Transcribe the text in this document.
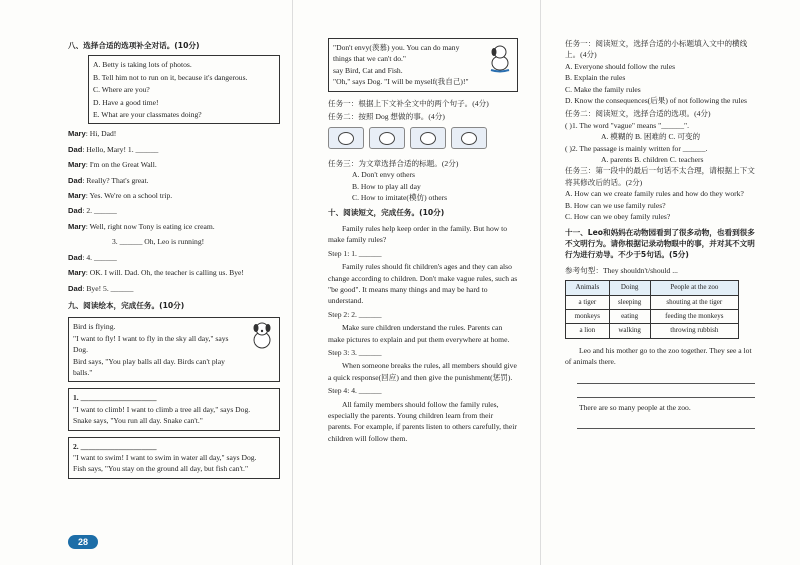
八、选择合适的选项补全对话。(10分)
A. Betty is taking lots of photos.
B. Tell him not to run on it, because it's dangerous.
C. Where are you?
D. Have a good time!
E. What are your classmates doing?
Mary: Hi, Dad!
Dad: Hello, Mary! 1. ______
Mary: I'm on the Great Wall.
Dad: Really? That's great.
Mary: Yes. We're on a school trip.
Dad: 2. ______
Mary: Well, right now Tony is eating ice cream.
3. ______ Oh, Leo is running!
Dad: 4. ______
Mary: OK. I will. Dad. Oh, the teacher is calling us. Bye!
Dad: Bye! 5. ______
九、阅读绘本，完成任务。(10分)
Bird is flying.
"I want to fly! I want to fly in the sky all day," says Dog.
Bird says, "You play balls all day. Birds can't play balls."
1. ____________________
"I want to climb! I want to climb a tree all day," says Dog.
Snake says, "You run all day. Snake can't."
2. ____________________
"I want to swim! I want to swim in water all day," says Dog.
Fish says, "You stay on the ground all day, but fish can't."
"Don't envy(羡慕) you. You can do many things that we can't do."
say Bird, Cat and Fish.
"Oh," says Dog. "I will be myself(我自己)!"
任务一：根据上下文补全文中的两个句子。(4分)
任务二：按照 Dog 想做的事。(4分)
任务三：为文章选择合适的标题。(2分)
A. Don't envy others
B. How to play all day
C. How to imitate(模仿) others
十、阅读短文，完成任务。(10分)
Family rules help keep order in the family. But how to make family rules?
Step 1: 1. ______
Family rules should fit children's ages and they can also change according to children. Don't make vague rules, such as "be good". It means many things and may be hard to understand.
Step 2: 2. ______
Make sure children understand the rules. Parents can make pictures to explain and put them everywhere at home.
Step 3: 3. ______
When someone breaks the rules, all members should give a quick response(回应) and then give the punishment(惩罚).
Step 4: 4. ______
All family members should follow the family rules, especially the parents. Young children learn from their parents. For example, if parents listen to others carefully, their children will follow them.
任务一：阅读短文，选择合适的小标题填入文中的横线上。(4分)
A. Everyone should follow the rules
B. Explain the rules
C. Make the family rules
D. Know the consequences(后果) of not following the rules
任务二：阅读短文，选择合适的选项。(4分)
( )1. The word "vague" means "______".
A. 模糊的 B. 困难的 C. 可变的
( )2. The passage is mainly written for ______.
A. parents B. children C. teachers
任务三：第一段中的最后一句话不太合理，请根据上下文将其修改后的话。(2分)
A. How can we create family rules and how do they work?
B. How can we use family rules?
C. How can we obey family rules?
十一、Leo和妈妈在动物园看到了很多动物，也看到很多不文明行为。请你根据记录动物眼中的事，并对其不文明行为进行劝导。不少于5句话。(5分)
参考句型：They shouldn't/should ...
Animals	Doing	People at the zoo
a tiger	sleeping	shouting at the tiger
monkeys	eating	feeding the monkeys
a lion	walking	throwing rubbish
Leo and his mother go to the zoo together. They see a lot of animals there.
There are so many people at the zoo.
28
